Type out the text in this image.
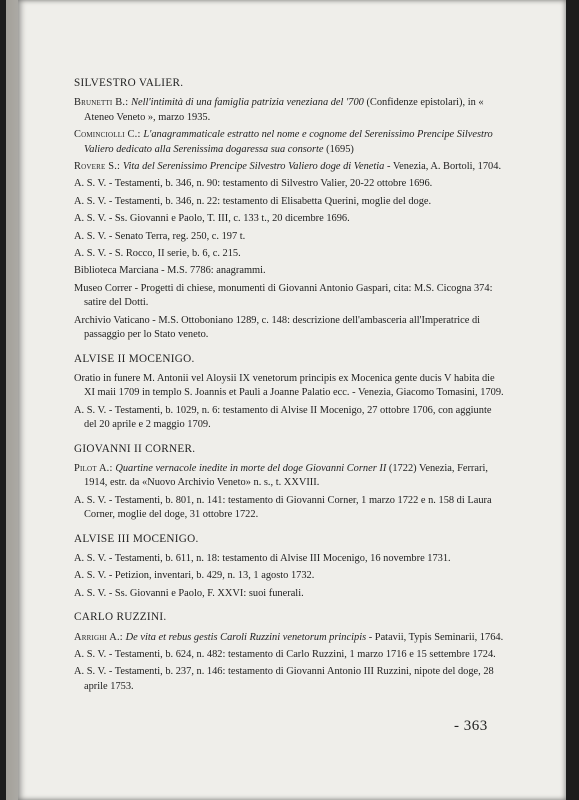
SILVESTRO VALIER.
Brunetti B.: Nell'intimità di una famiglia patrizia veneziana del '700 (Confidenze epistolari), in « Ateneo Veneto », marzo 1935.
Cominciolli C.: L'anagrammaticale estratto nel nome e cognome del Serenissimo Prencipe Silvestro Valiero dedicato alla Serenissima dogaressa sua consorte (1695)
Rovere S.: Vita del Serenissimo Prencipe Silvestro Valiero doge di Venetia - Venezia, A. Bortoli, 1704.
A. S. V. - Testamenti, b. 346, n. 90: testamento di Silvestro Valier, 20-22 ottobre 1696.
A. S. V. - Testamenti, b. 346, n. 22: testamento di Elisabetta Querini, moglie del doge.
A. S. V. - Ss. Giovanni e Paolo, T. III, c. 133 t., 20 dicembre 1696.
A. S. V. - Senato Terra, reg. 250, c. 197 t.
A. S. V. - S. Rocco, II serie, b. 6, c. 215.
Biblioteca Marciana - M.S. 7786: anagrammi.
Museo Correr - Progetti di chiese, monumenti di Giovanni Antonio Gaspari, cita: M.S. Cicogna 374: satire del Dotti.
Archivio Vaticano - M.S. Ottoboniano 1289, c. 148: descrizione dell'ambasceria all'Imperatrice di passaggio per lo Stato veneto.
ALVISE II MOCENIGO.
Oratio in funere M. Antonii vel Aloysii IX venetorum principis ex Mocenica gente ducis V habita die XI maii 1709 in templo S. Joannis et Pauli a Joanne Palatio ecc. - Venezia, Giacomo Tomasini, 1709.
A. S. V. - Testamenti, b. 1029, n. 6: testamento di Alvise II Mocenigo, 27 ottobre 1706, con aggiunte del 20 aprile e 2 maggio 1709.
GIOVANNI II CORNER.
Pilot A.: Quartine vernacole inedite in morte del doge Giovanni Corner II (1722) Venezia, Ferrari, 1914, estr. da «Nuovo Archivio Veneto» n. s., t. XXVIII.
A. S. V. - Testamenti, b. 801, n. 141: testamento di Giovanni Corner, 1 marzo 1722 e n. 158 di Laura Corner, moglie del doge, 31 ottobre 1722.
ALVISE III MOCENIGO.
A. S. V. - Testamenti, b. 611, n. 18: testamento di Alvise III Mocenigo, 16 novembre 1731.
A. S. V. - Petizion, inventari, b. 429, n. 13, 1 agosto 1732.
A. S. V. - Ss. Giovanni e Paolo, F. XXVI: suoi funerali.
CARLO RUZZINI.
Arrighi A.: De vita et rebus gestis Caroli Ruzzini venetorum principis - Patavii, Typis Seminarii, 1764.
A. S. V. - Testamenti, b. 624, n. 482: testamento di Carlo Ruzzini, 1 marzo 1716 e 15 settembre 1724.
A. S. V. - Testamenti, b. 237, n. 146: testamento di Giovanni Antonio III Ruzzini, nipote del doge, 28 aprile 1753.
- 363
